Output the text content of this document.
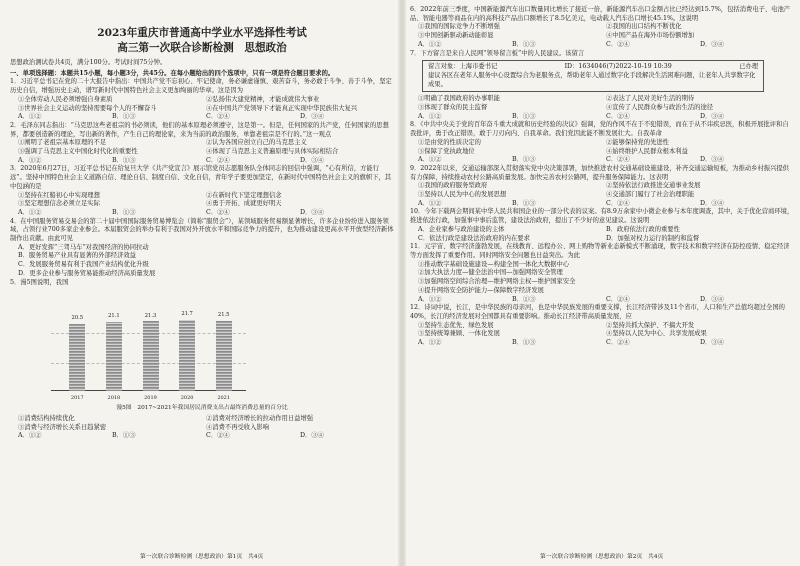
2023年重庆市普通高中学业水平选择性考试
高三第一次联合诊断检测　思想政治
思想政治测试卷共4页，满分100分。考试时间75分钟。
一、单项选择题：本题共15小题，每小题3分，共45分。在每小题给出的四个选项中，只有一项是符合题目要求的。

1．习近平总书记在党的二十大报告中指出：中国共产党不忘初心、牢记使命，务必谦虚谨慎、艰苦奋斗，务必敢于斗争、善于斗争，坚定历史自信，增强历史主动，谱写新时代中国特色社会主义更加绚丽的华章。这是因为

①全体劳动人民必须增强自身素质	②弘扬伟大建党精神，才能成就伟大事业
③世界社会主义运动的坚持需要每个人的不懈奋斗	④在中国共产党领导下才能真正实现中华民族伟大复兴
A．①②	B．①③	C．②④	D．③④

2．毛泽东同志指出：“马克思这些老祖宗的书必须读，他们的基本原理必须遵守，这是第一。但是，任何国家的共产党，任何国家的思想界，都要创造新的理论，写出新的著作，产生自己的理论家，来为当前的政治服务，单靠老祖宗是不行的。”这一观点

①阐明了老祖宗基本原理的不足	②认为各国应创立自己的马克思主义
③强调了马克思主义中国化时代化的重要性	④体现了马克思主义普遍原理与具体实际相结合
A．①②	B．①③	C．②④	D．③④

3．2020年6月27日，习近平总书记在给复旦大学《共产党宣言》展示馆党员志愿服务队全体同志的回信中强调，“心有所信，方能行远”。坚持中国特色社会主义道路自信、理论自信、制度自信、文化自信，青年学子要更加坚定，在新时代中国特色社会主义的旗帜下，其中包涵的是

①坚持在红船初心中实现理想	②在新时代下坚定理想信念
③坚定理想信念必须立足实际	④勇于开拓、成就更好明天
A．①②	B．①③	C．②④	D．③④

4．在中国服务贸易交易会的第二十届中国国际服务贸易博览会（简称“服贸会”），某领域服务贸易额显著增长，许多企业纷纷进入服务领域，占领行业700多家企业参会。本届服贸会的举办有利于我国对外开放水平和国际竞争力的提升，也为推动建设更高水平开放型经济新体制作出贡献。由此可见

A．更好发挥“三驾马车”对我国经济的协同拉动
B．服务贸易产业具有显著的外部经济效益
C．发展服务贸易有利于我国产业结构优化升级
D．更多企业参与服务贸易能推动经济高质量发展

5．漫5图说明，我国

20.5
2017
21.1
2018
21.3
2019
21.7
2020
21.5
2021

漫5图　2017~2021年我国居民消费支出占最终消费总量的百分比

①消费结构持续优化	②消费对经济增长的拉动作用日益增强
③消费与经济增长关系日趋紧密	④消费不再受收入影响
A．①②	B．①③	C．②④	D．③④
第一次联合诊断检测（思想政治）第1页　共4页

6．2022年前三季度，中国新能源汽车出口数量同比增长了接近一倍，新能源汽车出口金额占比已经达到15.7%，包括消费电子、电池产品、智能电器等商品在内的高科技产品出口额增长了8.5亿美元，电动载人汽车出口增长45.1%。这说明

①我国的国际竞争力不断增强	②我国的出口结构不断优化
③中国创新驱动新动能彰显	④中国产品在海外市场份额增加
A．①②	B．①③	C．②④	D．③④

7．下方留言是来自人民网“领导留言板”中的人民建议。该留言

留言对象：上海市委书记	ID：1634046(7)2022-10-19 10:39	已办理
建议各区在老年人服务中心设置综合为老服务点，帮助老年人通过数字化手段解决生活困难问题，让老年人共享数字化成果。
①明确了我国政府的办事职能	②表达了人民对美好生活的期待
③体现了群众的民主监督	④宣传了人民群众参与政治生活的途径
A．①②	B．①③	C．②④	D．③④

8．《中共中央关于党的百年奋斗重大成就和历史经验的决议》强调，党的作风不在于不犯错误，而在于从不讳疾忌医，积极开展批评和自我批评，勇于改正错误，敢于刀刃向内、自我革命。我们党因此能不断发展壮大。自我革命

①是由党的性质决定的	②能够保持党的先进性
③保障了党执政地位	④始终维护人民群众根本利益
A．①②	B．①③	C．②④	D．③④

9．2022年以来，交通运输部深入贯彻落实党中央决策部署，加快推进农村交通基础设施建设，补齐交通运输短板，为推动乡村振兴提供有力保障，持续推动农村公路高质量发展。加快完善农村公路网，提升服务保障能力。这表明

①我国的政府服务型政府	②坚持依法行政推进交通事业发展
③坚持以人民为中心的发展思想	④交通部门履行了社会治理职能
A．①②	B．①③	C．②④	D．③④

10．今年下载两会期间某中华人民共和国企业的一部分代表的议案。有8.9万余家中小微企业参与本年度调查，其中，关于优化营商环境，推进依法行政，加强事中事后监管，建设法治政府，提出了不少好的意见建议。这说明

A．企业家参与政治建设的主体	B．政府依法行政的重要性
C．依法行政是建设法治政府的内在要求	D．加强对权力运行的制约和监督

11．元宇宙、数字经济蓬勃发展，在线教育、远程办公、网上购物等新业态新模式不断涌现，数字技术和数字经济在防控疫情、稳定经济等方面发挥了重要作用。同时网络安全问题也日益突出。为此

①推动数字基础设施建设—构建全国一体化大数据中心
②加大执法力度—健全法治中国—加强网络安全管理
③加强网络空间综合治理—维护网络主权—维护国家安全
④提升网络安全防护能力—保障数字经济发展
A．①②	B．①③	C．②④	D．③④

12．诗词中说，长江，是中华民族的母亲河，也是中华民族发展的重要支撑，长江经济带涉及11个省市，人口和生产总值均超过全国的40%，长江的经济发展对全国都具有重要影响。推动长江经济带高质量发展，应

①坚持生态优先、绿色发展	②坚持共抓大保护、不搞大开发
③坚持统筹兼顾、一体化发展	④坚持以人民为中心、共享发展成果
A．①②	B．①③	C．②④	D．③④
第一次联合诊断检测（思想政治）第2页　共4页
